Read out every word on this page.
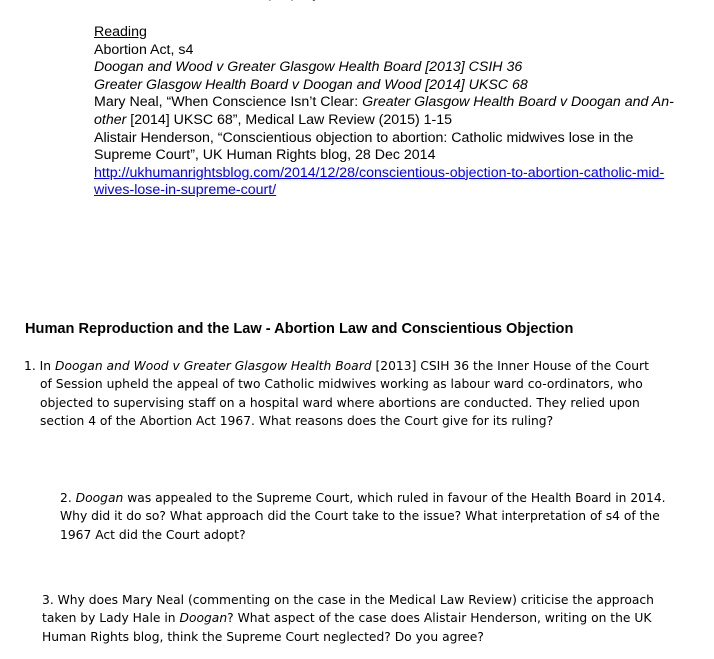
` ` ˇ
Reading
Abortion Act, s4
Doogan and Wood v Greater Glasgow Health Board [2013] CSIH 36
Greater Glasgow Health Board v Doogan and Wood [2014] UKSC 68
Mary Neal, “When Conscience Isn’t Clear: Greater Glasgow Health Board v Doogan and An-
other [2014] UKSC 68”, Medical Law Review (2015) 1-15
Alistair Henderson, “Conscientious objection to abortion: Catholic midwives lose in the
Supreme Court”, UK Human Rights blog, 28 Dec 2014
http://ukhumanrightsblog.com/2014/12/28/conscientious-objection-to-abortion-catholic-mid-
wives-lose-in-supreme-court/
Human Reproduction and the Law - Abortion Law and Conscientious Objection
1. In Doogan and Wood v Greater Glasgow Health Board [2013] CSIH 36 the Inner House of the Court
of Session upheld the appeal of two Catholic midwives working as labour ward co-ordinators, who
objected to supervising staff on a hospital ward where abortions are conducted. They relied upon
section 4 of the Abortion Act 1967. What reasons does the Court give for its ruling?
2. Doogan was appealed to the Supreme Court, which ruled in favour of the Health Board in 2014.
Why did it do so? What approach did the Court take to the issue? What interpretation of s4 of the
1967 Act did the Court adopt?
3. Why does Mary Neal (commenting on the case in the Medical Law Review) criticise the approach
taken by Lady Hale in Doogan? What aspect of the case does Alistair Henderson, writing on the UK
Human Rights blog, think the Supreme Court neglected? Do you agree?
